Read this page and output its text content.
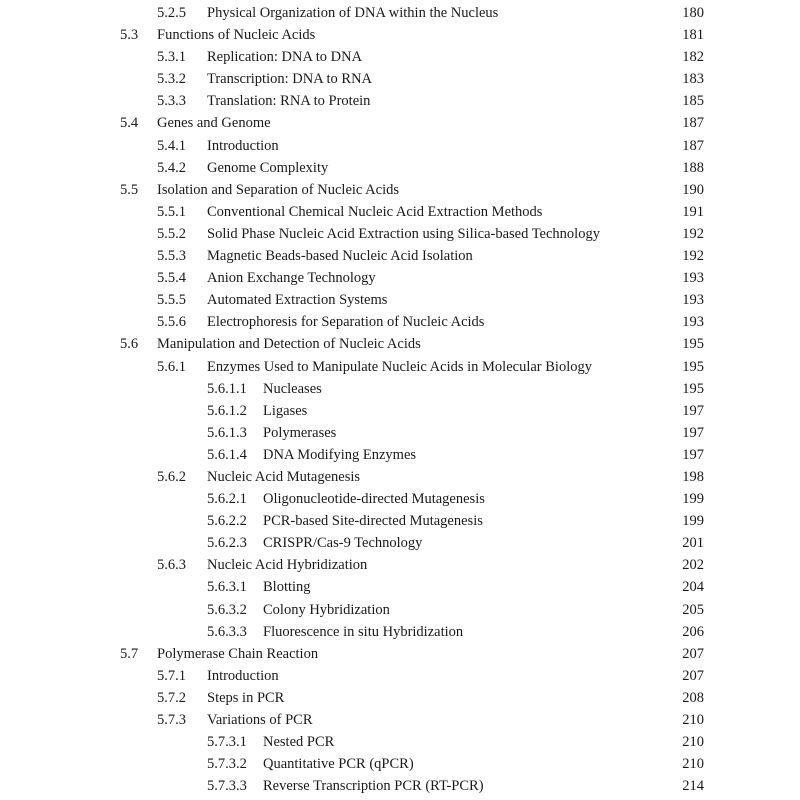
5.2.5 Physical Organization of DNA within the Nucleus	180
5.3 Functions of Nucleic Acids	181
5.3.1 Replication: DNA to DNA	182
5.3.2 Transcription: DNA to RNA	183
5.3.3 Translation: RNA to Protein	185
5.4 Genes and Genome	187
5.4.1 Introduction	187
5.4.2 Genome Complexity	188
5.5 Isolation and Separation of Nucleic Acids	190
5.5.1 Conventional Chemical Nucleic Acid Extraction Methods	191
5.5.2 Solid Phase Nucleic Acid Extraction using Silica-based Technology	192
5.5.3 Magnetic Beads-based Nucleic Acid Isolation	192
5.5.4 Anion Exchange Technology	193
5.5.5 Automated Extraction Systems	193
5.5.6 Electrophoresis for Separation of Nucleic Acids	193
5.6 Manipulation and Detection of Nucleic Acids	195
5.6.1 Enzymes Used to Manipulate Nucleic Acids in Molecular Biology	195
5.6.1.1 Nucleases	195
5.6.1.2 Ligases	197
5.6.1.3 Polymerases	197
5.6.1.4 DNA Modifying Enzymes	197
5.6.2 Nucleic Acid Mutagenesis	198
5.6.2.1 Oligonucleotide-directed Mutagenesis	199
5.6.2.2 PCR-based Site-directed Mutagenesis	199
5.6.2.3 CRISPR/Cas-9 Technology	201
5.6.3 Nucleic Acid Hybridization	202
5.6.3.1 Blotting	204
5.6.3.2 Colony Hybridization	205
5.6.3.3 Fluorescence in situ Hybridization	206
5.7 Polymerase Chain Reaction	207
5.7.1 Introduction	207
5.7.2 Steps in PCR	208
5.7.3 Variations of PCR	210
5.7.3.1 Nested PCR	210
5.7.3.2 Quantitative PCR (qPCR)	210
5.7.3.3 Reverse Transcription PCR (RT-PCR)	214
